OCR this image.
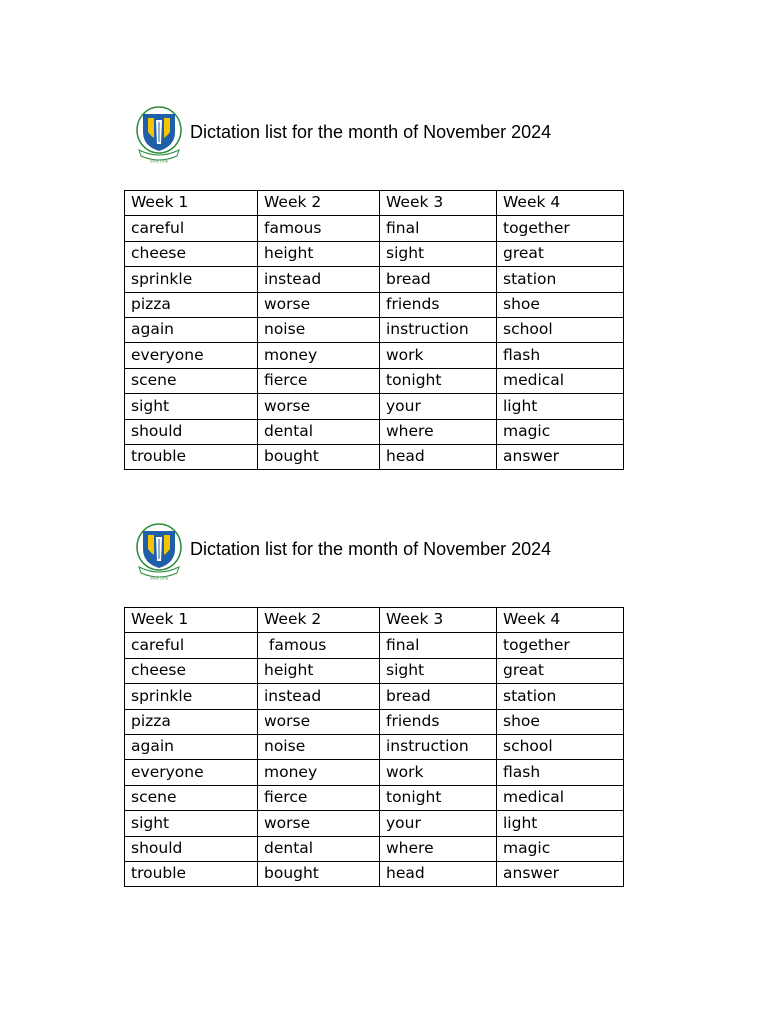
Since 1978
Dictation list for the month of November 2024
Week 1	Week 2	Week 3	Week 4
careful	famous	final	together
cheese	height	sight	great
sprinkle	instead	bread	station
pizza	worse	friends	shoe
again	noise	instruction	school
everyone	money	work	flash
scene	fierce	tonight	medical
sight	worse	your	light
should	dental	where	magic
trouble	bought	head	answer
Since 1978
Dictation list for the month of November 2024
Week 1	Week 2	Week 3	Week 4
careful	famous	final	together
cheese	height	sight	great
sprinkle	instead	bread	station
pizza	worse	friends	shoe
again	noise	instruction	school
everyone	money	work	flash
scene	fierce	tonight	medical
sight	worse	your	light
should	dental	where	magic
trouble	bought	head	answer
